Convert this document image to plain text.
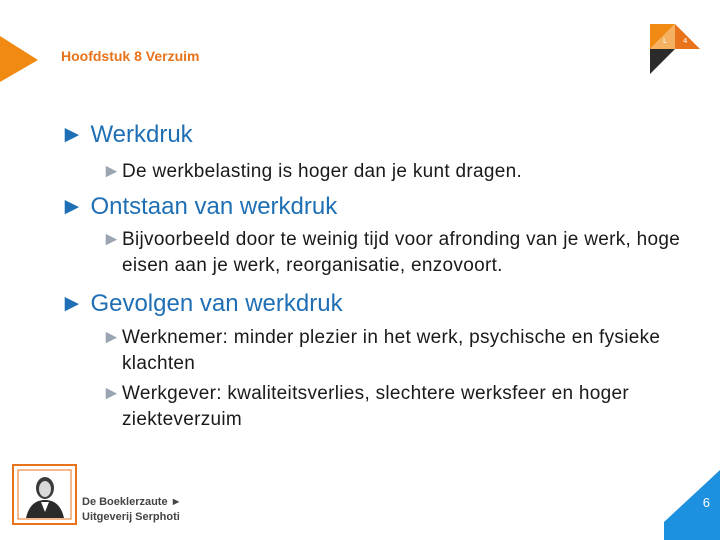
Hoofdstuk 8 Verzuim
L 4
► Werkdruk
► De werkbelasting is hoger dan je kunt dragen.
► Ontstaan van werkdruk
► Bijvoorbeeld door te weinig tijd voor afronding van je werk, hoge eisen aan je werk, reorganisatie, enzovoort.
► Gevolgen van werkdruk
► Werknemer: minder plezier in het werk, psychische en fysieke klachten
► Werkgever: kwaliteitsverlies, slechtere werksfeer en hoger ziekteverzuim
De Boeklerzaute ►
Uitgeverij Serphoti
6
